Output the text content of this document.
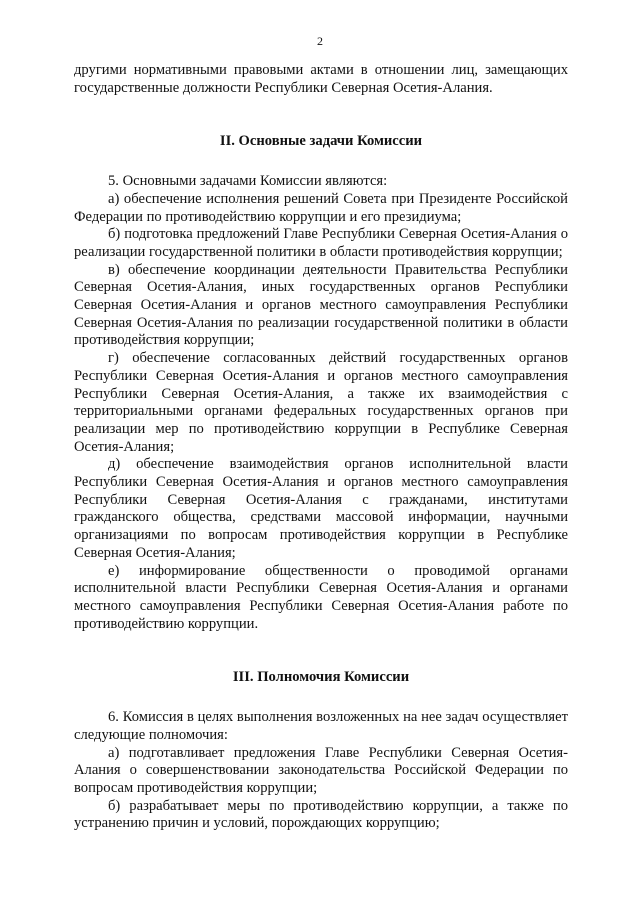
2

другими нормативными правовыми актами в отношении лиц, замещающих государственные должности Республики Северная Осетия-Алания.

II. Основные задачи Комиссии

5. Основными задачами Комиссии являются:

а) обеспечение исполнения решений Совета при Президенте Российской Федерации по противодействию коррупции и его президиума;

б) подготовка предложений Главе Республики Северная Осетия-Алания о реализации государственной политики в области противодействия коррупции;

в) обеспечение координации деятельности Правительства Республики Северная Осетия-Алания, иных государственных органов Республики Северная Осетия-Алания и органов местного самоуправления Республики Северная Осетия-Алания по реализации государственной политики в области противодействия коррупции;

г) обеспечение согласованных действий государственных органов Республики Северная Осетия-Алания и органов местного самоуправления Республики Северная Осетия-Алания, а также их взаимодействия с территориальными органами федеральных государственных органов при реализации мер по противодействию коррупции в Республике Северная Осетия-Алания;

д) обеспечение взаимодействия органов исполнительной власти Республики Северная Осетия-Алания и органов местного самоуправления Республики Северная Осетия-Алания с гражданами, институтами гражданского общества, средствами массовой информации, научными организациями по вопросам противодействия коррупции в Республике Северная Осетия-Алания;

е) информирование общественности о проводимой органами исполнительной власти Республики Северная Осетия-Алания и органами местного самоуправления Республики Северная Осетия-Алания работе по противодействию коррупции.

III. Полномочия Комиссии

6. Комиссия в целях выполнения возложенных на нее задач осуществляет следующие полномочия:

а) подготавливает предложения Главе Республики Северная Осетия-Алания о совершенствовании законодательства Российской Федерации по вопросам противодействия коррупции;

б) разрабатывает меры по противодействию коррупции, а также по устранению причин и условий, порождающих коррупцию;
